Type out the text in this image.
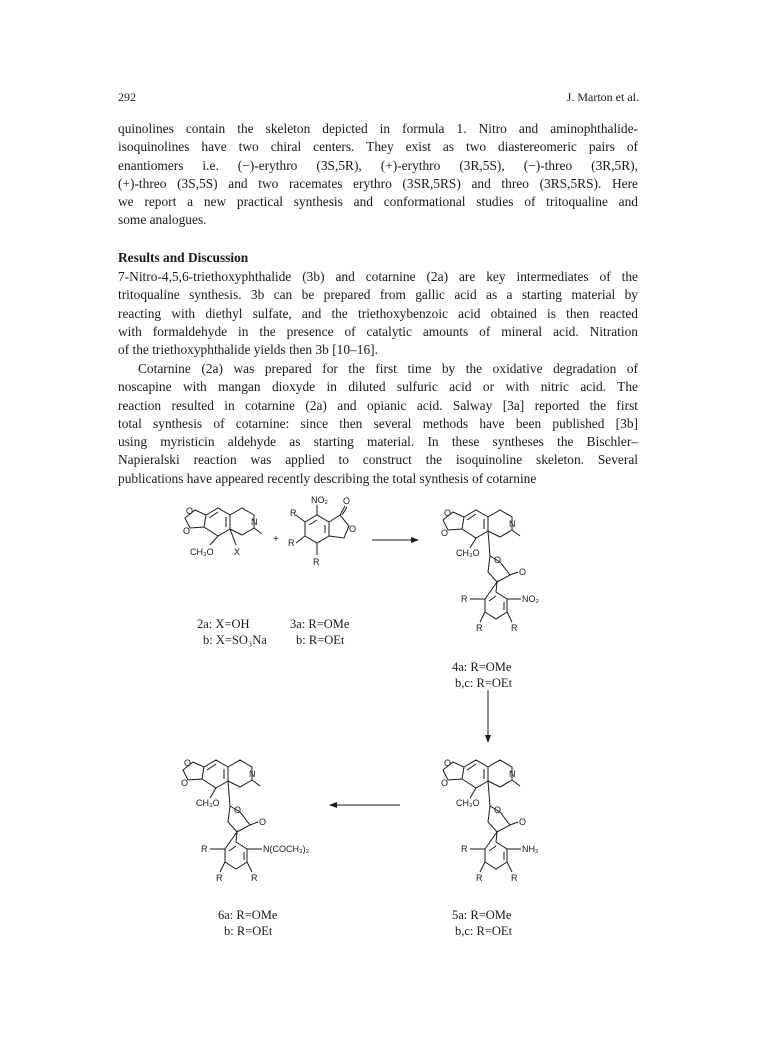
292	J. Marton et al.
quinolines contain the skeleton depicted in formula 1. Nitro and aminophthalide-
isoquinolines have two chiral centers. They exist as two diastereomeric pairs of
enantiomers i.e. (−)-erythro (3S,5R), (+)-erythro (3R,5S), (−)-threo (3R,5R),
(+)-threo (3S,5S) and two racemates erythro (3SR,5RS) and threo (3RS,5RS). Here
we report a new practical synthesis and conformational studies of tritoqualine and
some analogues.
Results and Discussion
7-Nitro-4,5,6-triethoxyphthalide (3b) and cotarnine (2a) are key intermediates of the
tritoqualine synthesis. 3b can be prepared from gallic acid as a starting material by
reacting with diethyl sulfate, and the triethoxybenzoic acid obtained is then reacted
with formaldehyde in the presence of catalytic amounts of mineral acid. Nitration
of the triethoxyphthalide yields then 3b [10–16].
Cotarnine (2a) was prepared for the first time by the oxidative degradation of
noscapine with mangan dioxyde in diluted sulfuric acid or with nitric acid. The
reaction resulted in cotarnine (2a) and opianic acid. Salway [3a] reported the first
total synthesis of cotarnine: since then several methods have been published [3b]
using myristicin aldehyde as starting material. In these syntheses the Bischler–
Napieralski reaction was applied to construct the isoquinoline skeleton. Several
publications have appeared recently describing the total synthesis of cotarnine
O
O
N
CH₃O X
+
NO₂ O
O
R
R
R
O
O
N
CH₃O
O
O
R	NO₂
R	R
O
O
N
CH₃O
O
O
R	NH₂
R	R
O
O
N
CH₃O
O
O
R	N(COCH₃)₂
R	R
2a: X=OH
b: X=SO₃Na
3a: R=OMe
b: R=OEt
4a: R=OMe
b,c: R=OEt
6a: R=OMe
b: R=OEt
5a: R=OMe
b,c: R=OEt
